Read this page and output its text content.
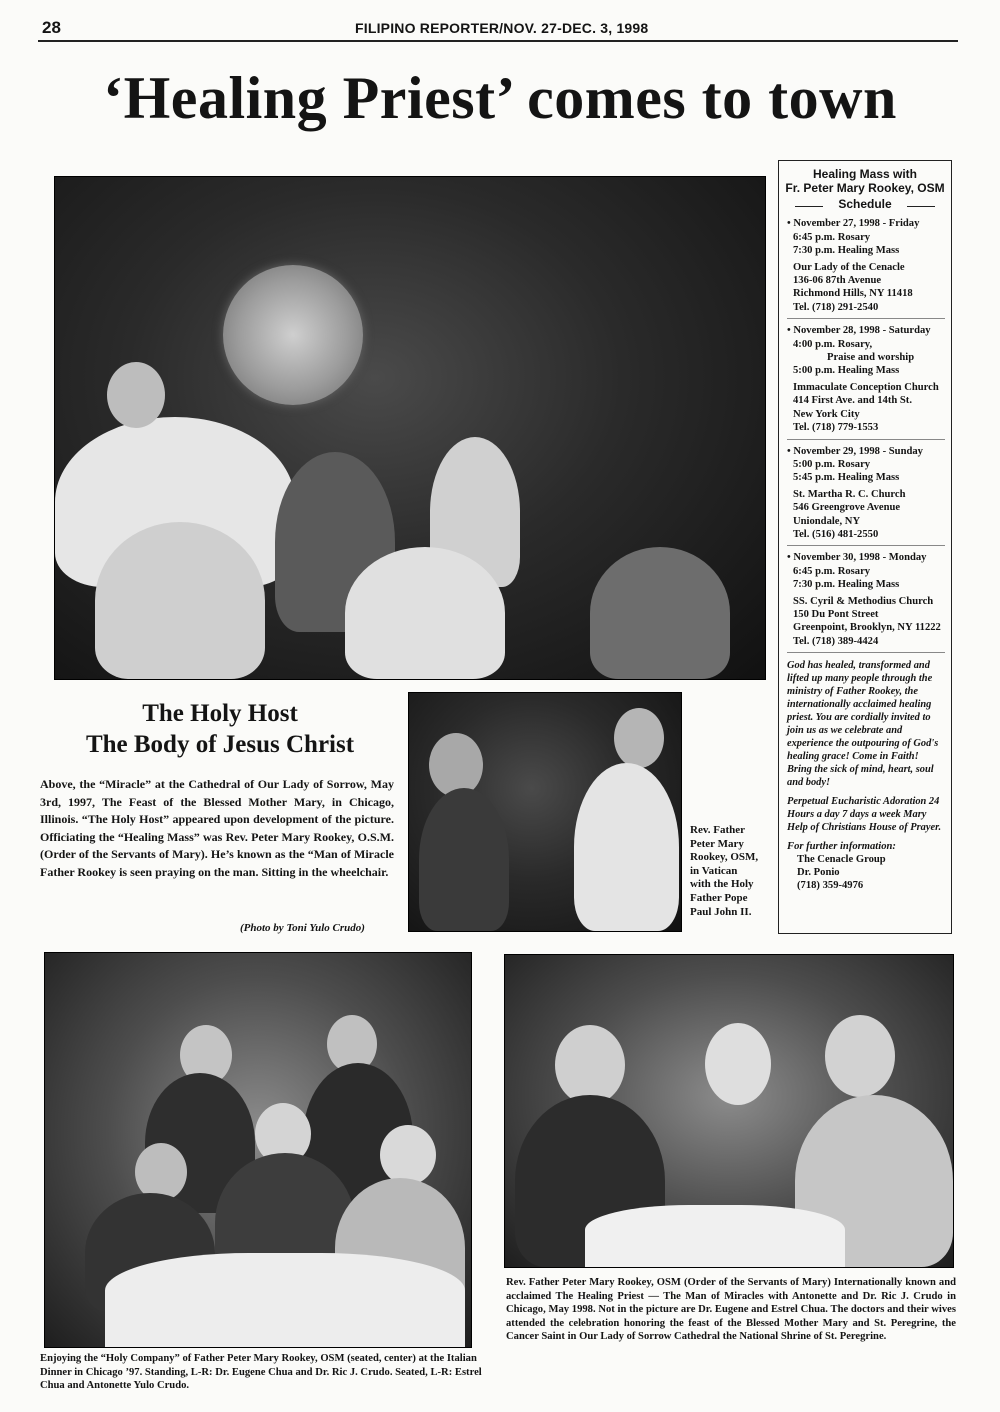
28	FILIPINO REPORTER/NOV. 27-DEC. 3, 1998
‘Healing Priest’ comes to town
Healing Mass with
Fr. Peter Mary Rookey, OSM
Schedule
• November 27, 1998 - Friday
6:45 p.m. Rosary
7:30 p.m. Healing Mass
Our Lady of the Cenacle
136-06 87th Avenue
Richmond Hills, NY 11418
Tel. (718) 291-2540
• November 28, 1998 - Saturday
4:00 p.m. Rosary,
Praise and worship
5:00 p.m. Healing Mass
Immaculate Conception Church
414 First Ave. and 14th St.
New York City
Tel. (718) 779-1553
• November 29, 1998 - Sunday
5:00 p.m. Rosary
5:45 p.m. Healing Mass
St. Martha R. C. Church
546 Greengrove Avenue
Uniondale, NY
Tel. (516) 481-2550
• November 30, 1998 - Monday
6:45 p.m. Rosary
7:30 p.m. Healing Mass
SS. Cyril & Methodius Church
150 Du Pont Street
Greenpoint, Brooklyn, NY 11222
Tel. (718) 389-4424
God has healed, transformed and lifted up many people through the ministry of Father Rookey, the internationally acclaimed healing priest. You are cordially invited to join us as we celebrate and experience the outpouring of God's healing grace! Come in Faith! Bring the sick of mind, heart, soul and body!
Perpetual Eucharistic Adoration 24 Hours a day 7 days a week Mary Help of Christians House of Prayer.
For further information:
The Cenacle Group
Dr. Ponio
(718) 359-4976
The Holy Host
The Body of Jesus Christ
Above, the “Miracle” at the Cathedral of Our Lady of Sorrow, May 3rd, 1997, The Feast of the Blessed Mother Mary, in Chicago, Illinois. “The Holy Host” appeared upon development of the picture. Officiating the “Healing Mass” was Rev. Peter Mary Rookey, O.S.M. (Order of the Servants of Mary). He’s known as the “Man of Miracle Father Rookey is seen praying on the man. Sitting in the wheelchair.
(Photo by Toni Yulo Crudo)
Rev. Father Peter Mary Rookey, OSM, in Vatican with the Holy Father Pope Paul John II.
Enjoying the “Holy Company” of Father Peter Mary Rookey, OSM (seated, center) at the Italian Dinner in Chicago ’97. Standing, L-R: Dr. Eugene Chua and Dr. Ric J. Crudo. Seated, L-R: Estrel Chua and Antonette Yulo Crudo.
Rev. Father Peter Mary Rookey, OSM (Order of the Servants of Mary) Internationally known and acclaimed The Healing Priest — The Man of Miracles with Antonette and Dr. Ric J. Crudo in Chicago, May 1998. Not in the picture are Dr. Eugene and Estrel Chua. The doctors and their wives attended the celebration honoring the feast of the Blessed Mother Mary and St. Peregrine, the Cancer Saint in Our Lady of Sorrow Cathedral the National Shrine of St. Peregrine.
